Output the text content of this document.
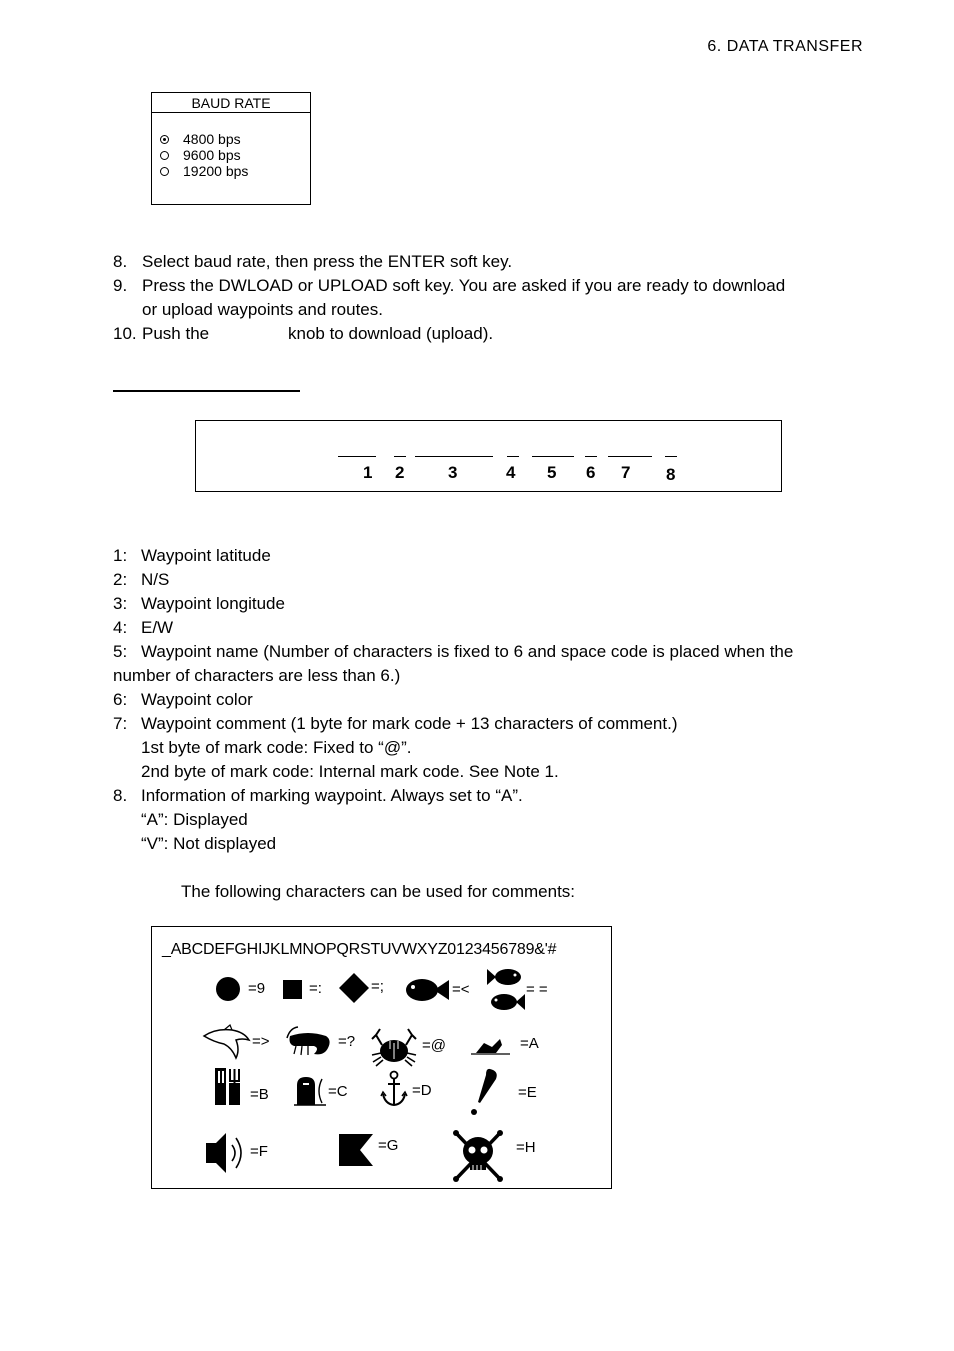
6. DATA TRANSFER
BAUD RATE
4800 bps
9600 bps
19200 bps
8. Select baud rate, then press the ENTER soft key.
9. Press the DWLOAD or UPLOAD soft key. You are asked if you are ready to download
or upload waypoints and routes.
10. Push the	knob to download (upload).
1 2	3	4 5 6 7 8
1: Waypoint latitude
2: N/S
3: Waypoint longitude
4: E/W
5: Waypoint name (Number of characters is fixed to 6 and space code is placed when the
number of characters are less than 6.)
6: Waypoint color
7: Waypoint comment (1 byte for mark code + 13 characters of comment.)
1st byte of mark code: Fixed to “@”.
2nd byte of mark code: Internal mark code. See Note 1.
8. Information of marking waypoint. Always set to “A”.
“A”: Displayed
“V”: Not displayed
The following characters can be used for comments:
_ABCDEFGHIJKLMNOPQRSTUVWXYZ0123456789&'#
=9	=:	=;	=<	= =
=>	=?	=@	=A
=B	=C	=D	=E
=F	=G	=H
